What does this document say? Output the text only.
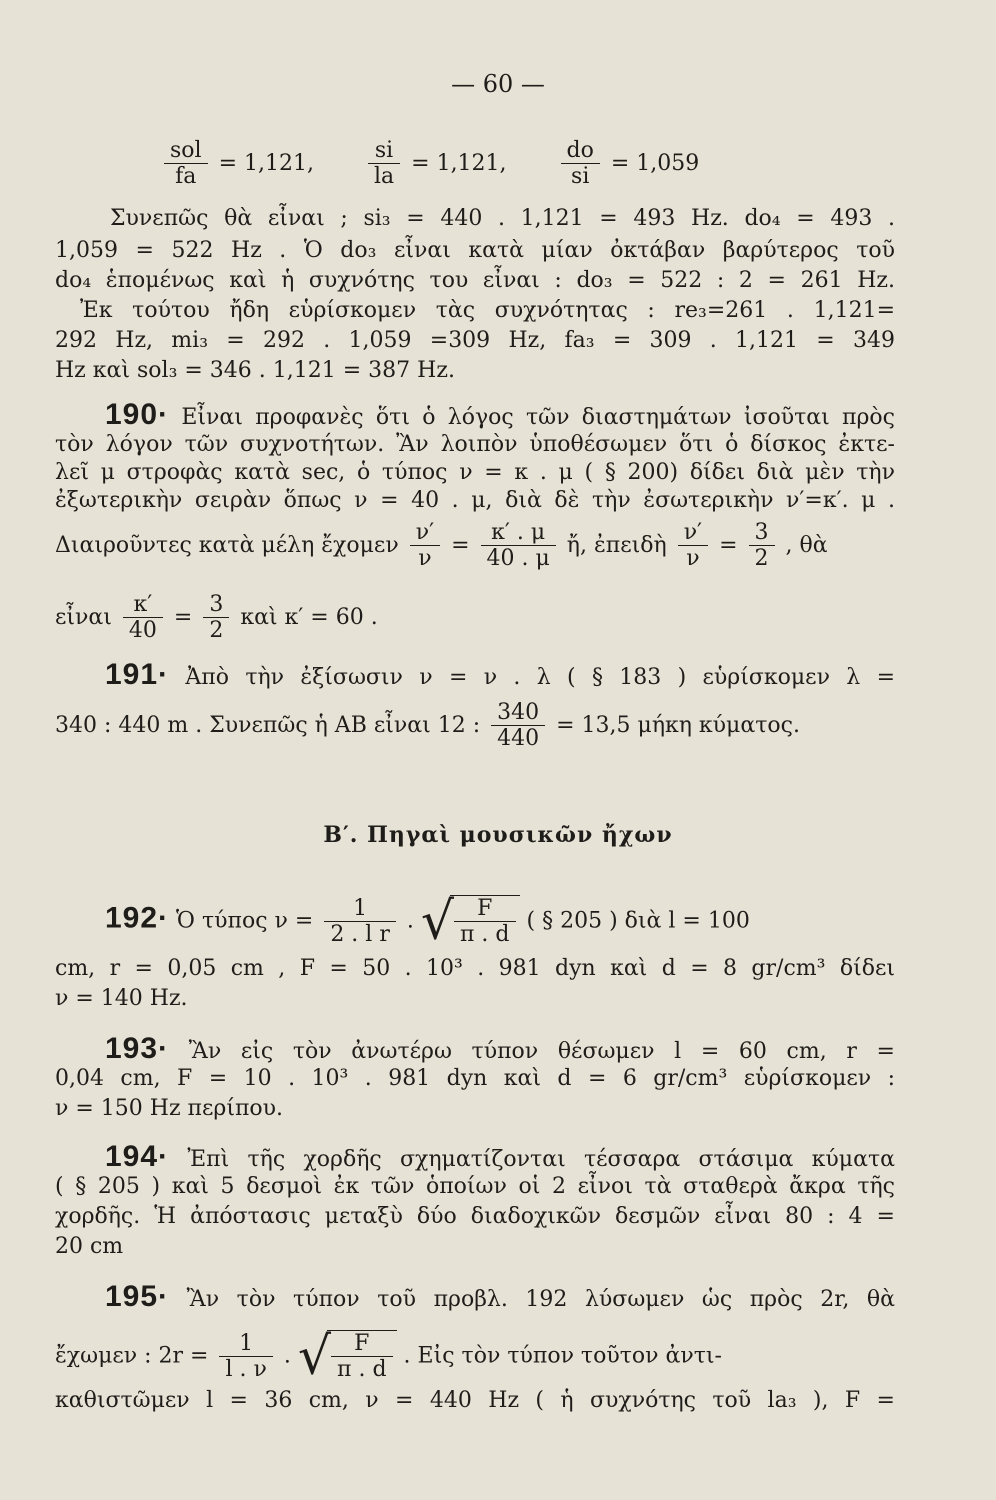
— 60 —
$\frac{\text{sol}}{fa} = 1,121$, $\frac{si}{la} = 1,121$, $\frac{do}{si} = 1,059$
Συνεπῶς θὰ εἶναι ; si₃ = 440 . 1,121 = 493 Hz. do₄ = 493 .
1,059 = 522 Hz . Ὁ do₃ εἶναι κατὰ μίαν ὀκτάβαν βαρύτερος τοῦ
do₄ ἑπομένως καὶ ἡ συχνότης του εἶναι : do₃ = 522 : 2 = 261 Hz.
Ἐκ τούτου ἤδη εὑρίσκομεν τὰς συχνότητας : re₃=261 . 1,121=
292 Hz, mi₃ = 292 . 1,059 =309 Hz, fa₃ = 309 . 1,121 = 349
Hz καὶ sol₃ = 346 . 1,121 = 387 Hz.
190· Εἶναι προφανὲς ὅτι ὁ λόγος τῶν διαστημάτων ἰσοῦται πρὸς
τὸν λόγον τῶν συχνοτήτων. Ἂν λοιπὸν ὑποθέσωμεν ὅτι ὁ δίσκος ἐκτε-
λεῖ μ στροφὰς κατὰ sec, ὁ τύπος ν = κ . μ ( § 200) δίδει διὰ μὲν τὴν
ἐξωτερικὴν σειρὰν ὅπως ν = 40 . μ, διὰ δὲ τὴν ἐσωτερικὴν ν′=κ′. μ .
Διαιροῦντες κατὰ μέλη ἔχομεν $\frac{\nu'}{\nu} = \frac{\kappa' . \mu}{40 . \mu}$ ἤ, ἐπειδὴ $\frac{\nu'}{\nu} = \frac{3}{2}$ , θὰ
εἶναι $\frac{\kappa'}{40} = \frac{3}{2}$ καὶ κ′ = 60 .
191· Ἀπὸ τὴν ἐξίσωσιν ν = ν . λ ( § 183 ) εὑρίσκομεν λ =
340 : 440 m . Συνεπῶς ἡ AB εἶναι 12 : $\frac{340}{440} = 13,5$ μήκη κύματος.
Β′. Πηγαὶ μουσικῶν ἤχων
192· Ὁ τύπος $\nu = \frac{1}{\text{2 . l r}}$ . √ $\frac{F}{\pi . d}$ ( § 205 ) διὰ l = 100
cm, r = 0,05 cm , F = 50 . 10³ . 981 dyn καὶ d = 8 gr/cm³ δίδει
ν = 140 Hz.
193· Ἂν εἰς τὸν ἀνωτέρω τύπον θέσωμεν l = 60 cm, r =
0,04 cm, F = 10 . 10³ . 981 dyn καὶ d = 6 gr/cm³ εὑρίσκομεν :
ν = 150 Hz περίπου.
194· Ἐπὶ τῆς χορδῆς σχηματίζονται τέσσαρα στάσιμα κύματα
( § 205 ) καὶ 5 δεσμοὶ ἐκ τῶν ὁποίων οἱ 2 εἶνοι τὰ σταθερὰ ἄκρα τῆς
χορδῆς. Ἡ ἀπόστασις μεταξὺ δύο διαδοχικῶν δεσμῶν εἶναι 80 : 4 =
20 cm
195· Ἂν τὸν τύπον τοῦ προβλ. 192 λύσωμεν ὡς πρὸς 2r, θὰ
ἔχωμεν : $2r = \frac{1}{l . \nu}$ . √ $\frac{F}{\pi . d}$ . Εἰς τὸν τύπον τοῦτον ἀντι-
καθιστῶμεν l = 36 cm, ν = 440 Hz ( ἡ συχνότης τοῦ la₃ ), F =
